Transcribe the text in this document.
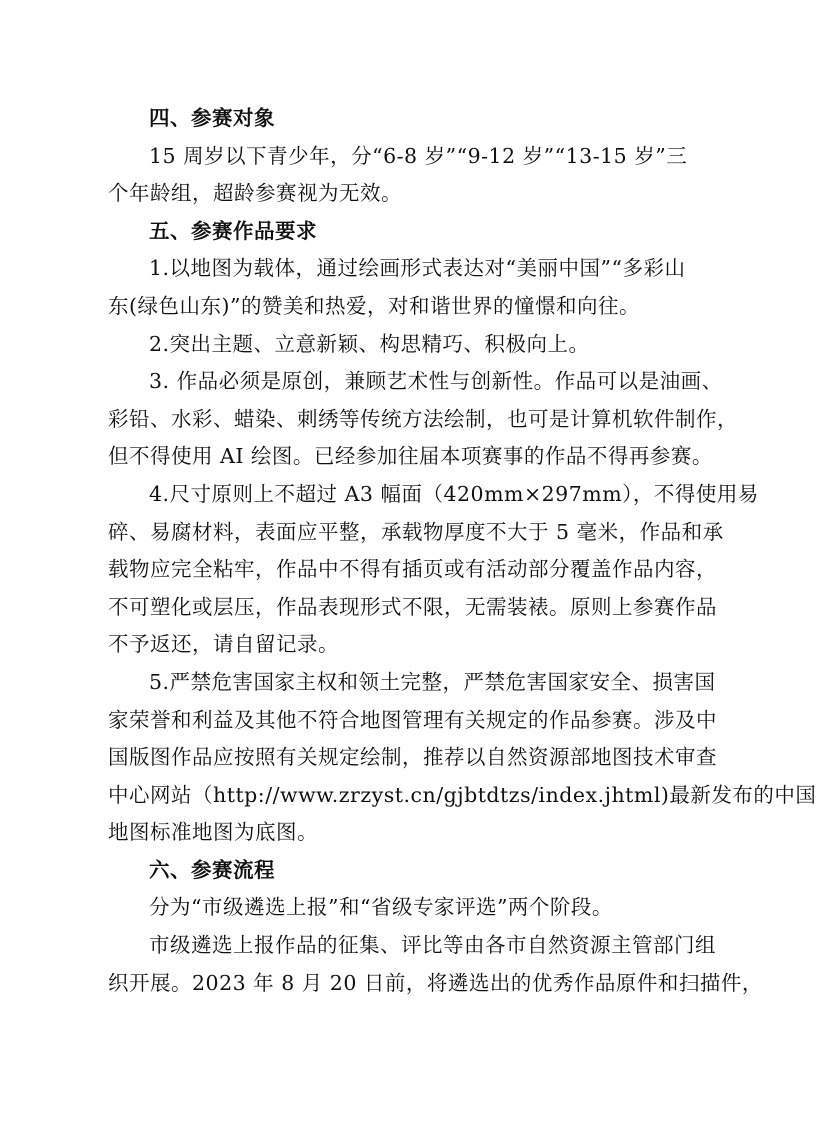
四、参赛对象
15 周岁以下青少年，分“6-8 岁”“9-12 岁”“13-15 岁”三
个年龄组，超龄参赛视为无效。
五、参赛作品要求
1.以地图为载体，通过绘画形式表达对“美丽中国”“多彩山
东(绿色山东)”的赞美和热爱，对和谐世界的憧憬和向往。
2.突出主题、立意新颖、构思精巧、积极向上。
3. 作品必须是原创，兼顾艺术性与创新性。作品可以是油画、
彩铅、水彩、蜡染、刺绣等传统方法绘制，也可是计算机软件制作，
但不得使用 AI 绘图。已经参加往届本项赛事的作品不得再参赛。
4.尺寸原则上不超过 A3 幅面（420mm×297mm），不得使用易
碎、易腐材料，表面应平整，承载物厚度不大于 5 毫米，作品和承
载物应完全粘牢，作品中不得有插页或有活动部分覆盖作品内容，
不可塑化或层压，作品表现形式不限，无需装裱。原则上参赛作品
不予返还，请自留记录。
5.严禁危害国家主权和领土完整，严禁危害国家安全、损害国
家荣誉和利益及其他不符合地图管理有关规定的作品参赛。涉及中
国版图作品应按照有关规定绘制，推荐以自然资源部地图技术审查
中心网站（http://www.zrzyst.cn/gjbtdtzs/index.jhtml)最新发布的中国
地图标准地图为底图。
六、参赛流程
分为“市级遴选上报”和“省级专家评选”两个阶段。
市级遴选上报作品的征集、评比等由各市自然资源主管部门组
织开展。2023 年 8 月 20 日前，将遴选出的优秀作品原件和扫描件，
